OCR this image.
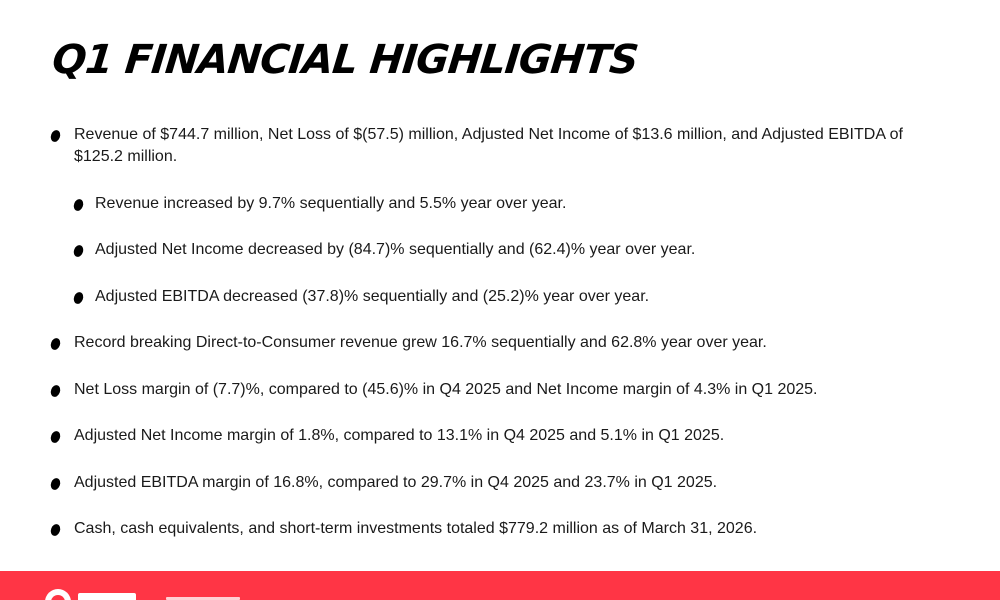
Q1 FINANCIAL HIGHLIGHTS
Revenue of $744.7 million, Net Loss of $(57.5) million, Adjusted Net Income of $13.6 million, and Adjusted EBITDA of $125.2 million.
Revenue increased by 9.7% sequentially and 5.5% year over year.
Adjusted Net Income decreased by (84.7)% sequentially and (62.4)% year over year.
Adjusted EBITDA decreased (37.8)% sequentially and (25.2)% year over year.
Record breaking Direct-to-Consumer revenue grew 16.7% sequentially and 62.8% year over year.
Net Loss margin of (7.7)%, compared to (45.6)% in Q4 2025 and Net Income margin of 4.3% in Q1 2025.
Adjusted Net Income margin of 1.8%, compared to 13.1% in Q4 2025 and 5.1% in Q1 2025.
Adjusted EBITDA margin of 16.8%, compared to 29.7% in Q4 2025 and 23.7% in Q1 2025.
Cash, cash equivalents, and short-term investments totaled $779.2 million as of March 31, 2026.
